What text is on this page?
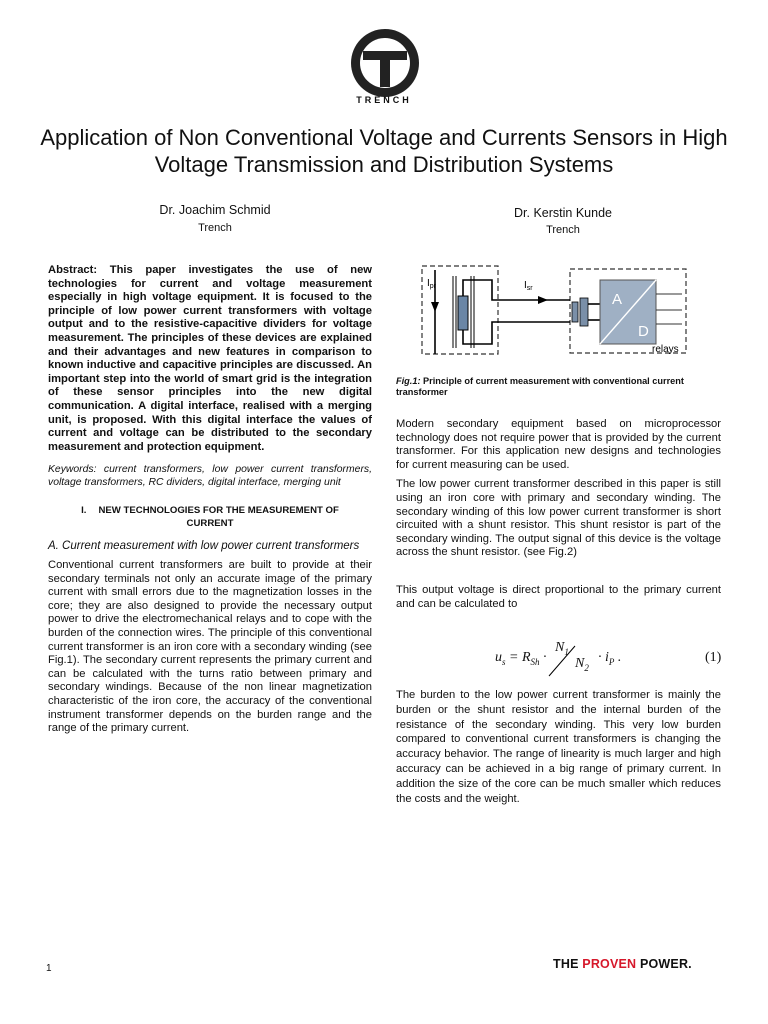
TRENCH
Application of Non Conventional Voltage and Currents Sensors in High Voltage Transmission and Distribution Systems
Dr. Joachim Schmid
Trench
Dr. Kerstin Kunde
Trench

Abstract: This paper investigates the use of new technologies for current and voltage measurement especially in high voltage equipment. It is focused to the principle of low power current transformers with voltage output and to the resistive-capacitive dividers for voltage measurement. The principles of these devices are explained and their advantages and new features in comparison to known inductive and capacitive principles are discussed. An important step into the world of smart grid is the integration of these sensor principles into the new digital communication. A digital interface, realised with a merging unit, is proposed. With this digital interface the values of current and voltage can be distributed to the secondary measurement and protection equipment.

Keywords: current transformers, low power current transformers, voltage transformers, RC dividers, digital interface, merging unit

I. NEW TECHNOLOGIES FOR THE MEASUREMENT OF
CURRENT
A. Current measurement with low power current transformers

Conventional current transformers are built to provide at their secondary terminals not only an accurate image of the primary current with small errors due to the magnetization losses in the core; they are also designed to provide the necessary output power to drive the electromechanical relays and to cope with the burden of the connection wires. The principle of this conventional current transformer is an iron core with a secondary winding (see Fig.1). The secondary current represents the primary current and can be calculated with the turns ratio between primary and secondary windings. Because of the non linear magnetization characteristic of the iron core, the accuracy of the conventional instrument transformer depends on the burden range and the range of the primary current.

$I_{pr}$	$I_{sr}$
A
D
relays
Fig.1: Principle of current measurement with conventional current transformer

Modern secondary equipment based on microprocessor technology does not require power that is provided by the current transformer. For this application new designs and technologies for current measuring can be used.

The low power current transformer described in this paper is still using an iron core with primary and secondary winding. The secondary winding of this low power current transformer is short circuited with a shunt resistor. This shunt resistor is part of the secondary winding. The output signal of this device is the voltage across the shunt resistor. (see Fig.2)

This output voltage is direct proportional to the primary current and can be calculated to

$u_s = R_{Sh}$ ·
$N_1$
$N_2$
· $i_P$ .	(1)
The burden to the low power current transformer is mainly the burden or the shunt resistor and the internal burden of the resistance of the secondary winding. This very low burden compared to conventional current transformers is changing the accuracy behavior. The range of linearity is much larger and high accuracy can be achieved in a big range of primary current. In addition the size of the core can be much smaller which reduces the costs and the weight.
1	THE PROVEN POWER.
